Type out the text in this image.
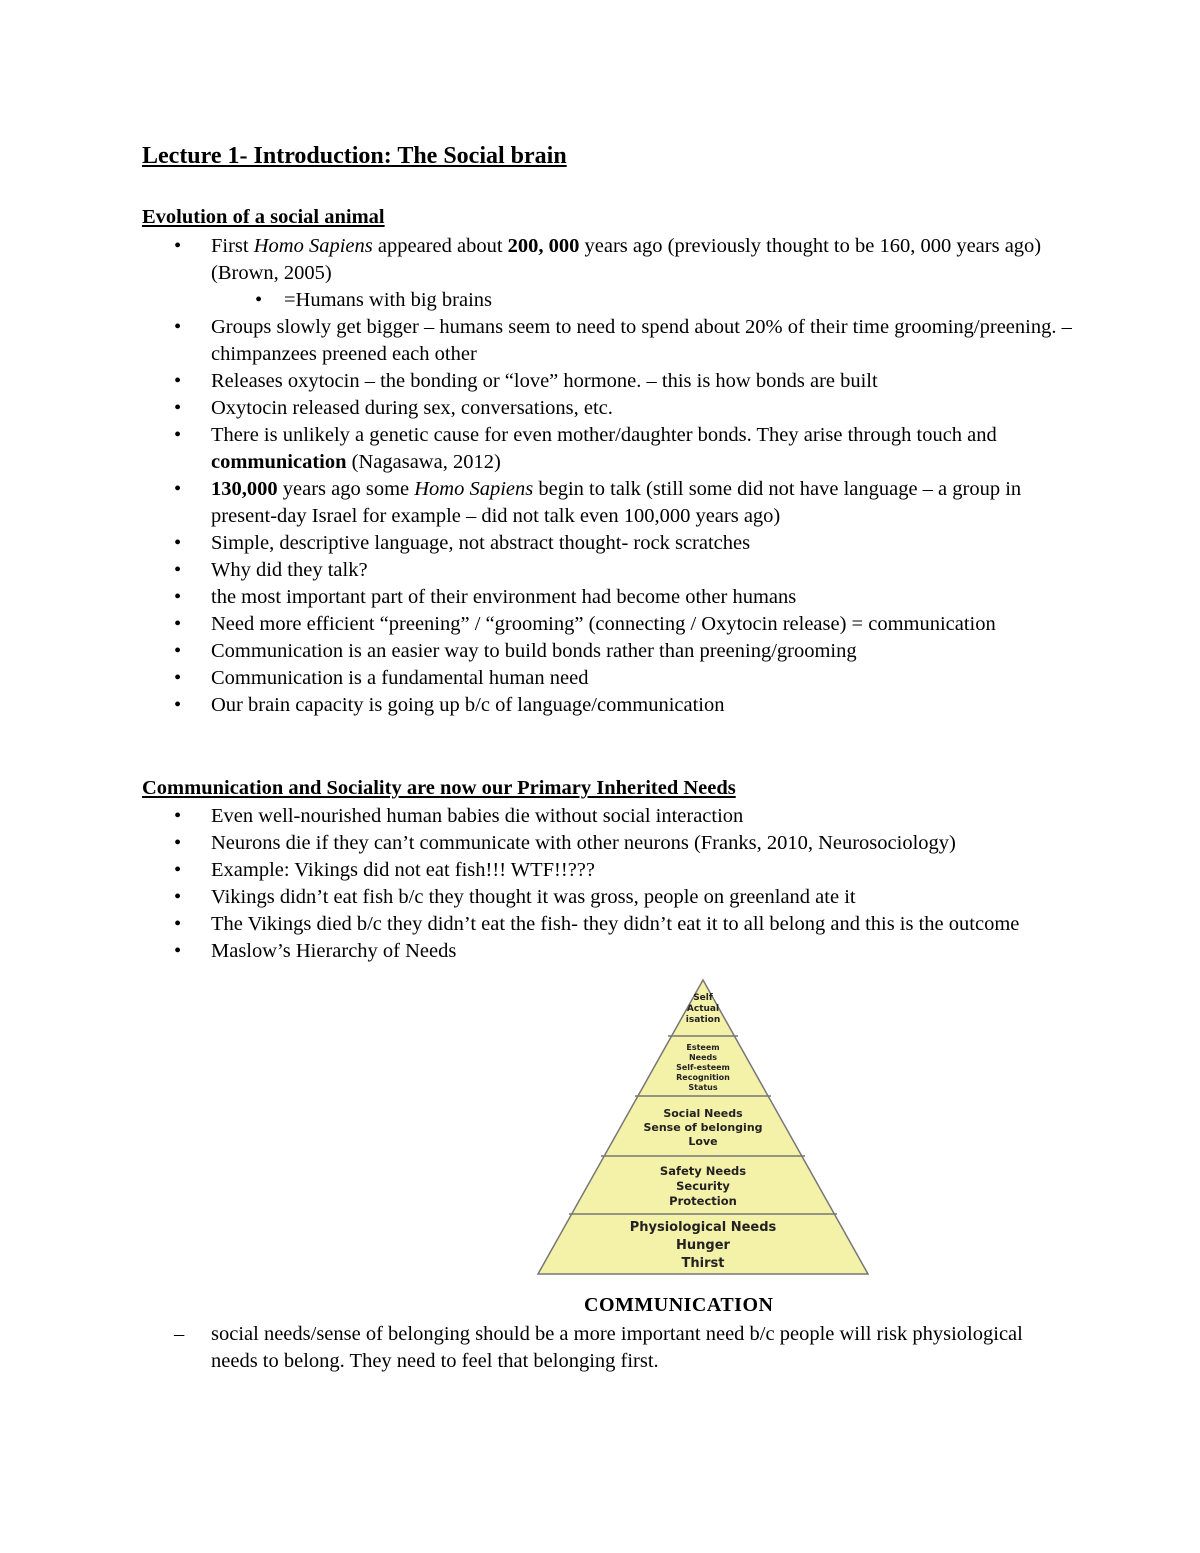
Lecture 1- Introduction: The Social brain
Evolution of a social animal
• First Homo Sapiens appeared about 200, 000 years ago (previously thought to be 160, 000 years ago) (Brown, 2005)
• =Humans with big brains
• Groups slowly get bigger – humans seem to need to spend about 20% of their time grooming/preening. – chimpanzees preened each other
• Releases oxytocin – the bonding or “love” hormone. – this is how bonds are built
• Oxytocin released during sex, conversations, etc.
• There is unlikely a genetic cause for even mother/daughter bonds. They arise through touch and communication (Nagasawa, 2012)
• 130,000 years ago some Homo Sapiens begin to talk (still some did not have language – a group in present-day Israel for example – did not talk even 100,000 years ago)
• Simple, descriptive language, not abstract thought- rock scratches
• Why did they talk?
• the most important part of their environment had become other humans
• Need more efficient “preening” / “grooming” (connecting / Oxytocin release) = communication
• Communication is an easier way to build bonds rather than preening/grooming
• Communication is a fundamental human need
• Our brain capacity is going up b/c of language/communication
Communication and Sociality are now our Primary Inherited Needs
• Even well-nourished human babies die without social interaction
• Neurons die if they can’t communicate with other neurons (Franks, 2010, Neurosociology)
• Example: Vikings did not eat fish!!! WTF!!???
• Vikings didn’t eat fish b/c they thought it was gross, people on greenland ate it
• The Vikings died b/c they didn’t eat the fish- they didn’t eat it to all belong and this is the outcome
• Maslow’s Hierarchy of Needs
– social needs/sense of belonging should be a more important need b/c people will risk physiological needs to belong. They need to feel that belonging first.
Self
Actual
isation
Esteem
Needs
Self-esteem
Recognition
Status
Social Needs
Sense of belonging
Love
Safety Needs
Security
Protection
Physiological Needs
Hunger
Thirst
COMMUNICATION
